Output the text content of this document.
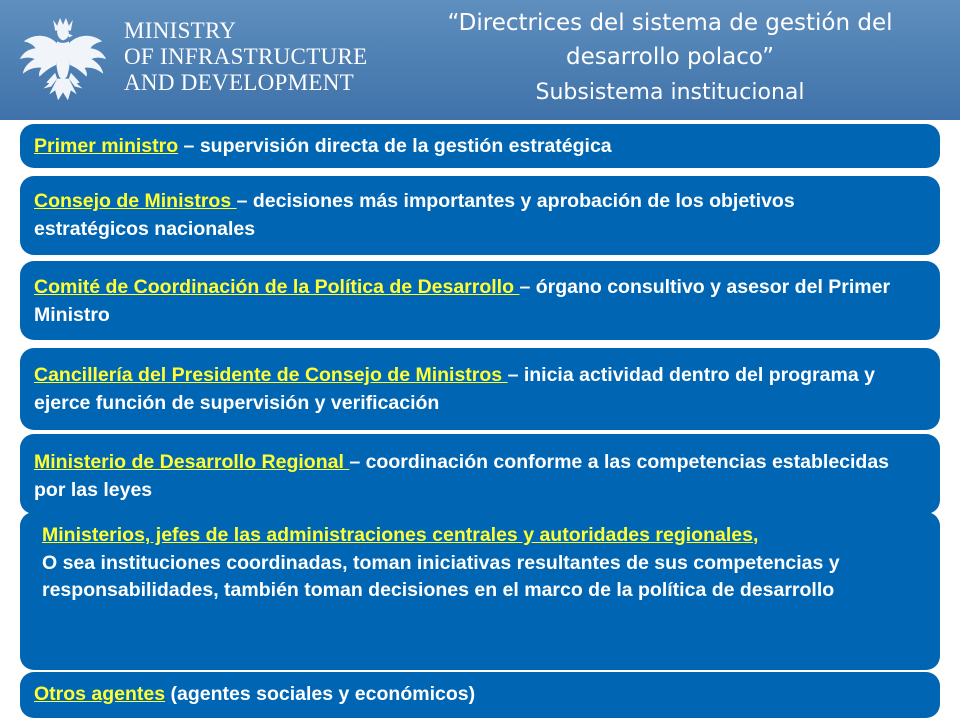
MINISTRY
OF INFRASTRUCTURE
AND DEVELOPMENT
“Directrices del sistema de gestión del
desarrollo polaco”
Subsistema institucional
Primer ministro – supervisión directa de la gestión estratégica
Consejo de Ministros – decisiones más importantes y aprobación de los objetivos estratégicos nacionales
Comité de Coordinación de la Política de Desarrollo – órgano consultivo y asesor del Primer Ministro
Cancillería del Presidente de Consejo de Ministros – inicia actividad dentro del programa y ejerce función de supervisión y verificación
Ministerio de Desarrollo Regional – coordinación conforme a las competencias establecidas por las leyes
Ministerios, jefes de las administraciones centrales y autoridades regionales,
O sea instituciones coordinadas, toman iniciativas resultantes de sus competencias y responsabilidades, también toman decisiones en el marco de la política de desarrollo
Otros agentes (agentes sociales y económicos)
